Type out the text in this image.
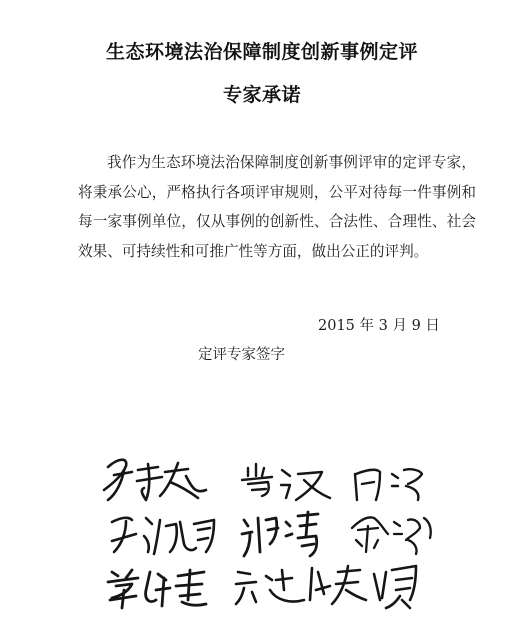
生态环境法治保障制度创新事例定评
专家承诺

我作为生态环境法治保障制度创新事例评审的定评专家，将秉承公心，严格执行各项评审规则，公平对待每一件事例和每一家事例单位，仅从事例的创新性、合法性、合理性、社会效果、可持续性和可推广性等方面，做出公正的评判。

2015 年 3 月 9 日
定评专家签字
